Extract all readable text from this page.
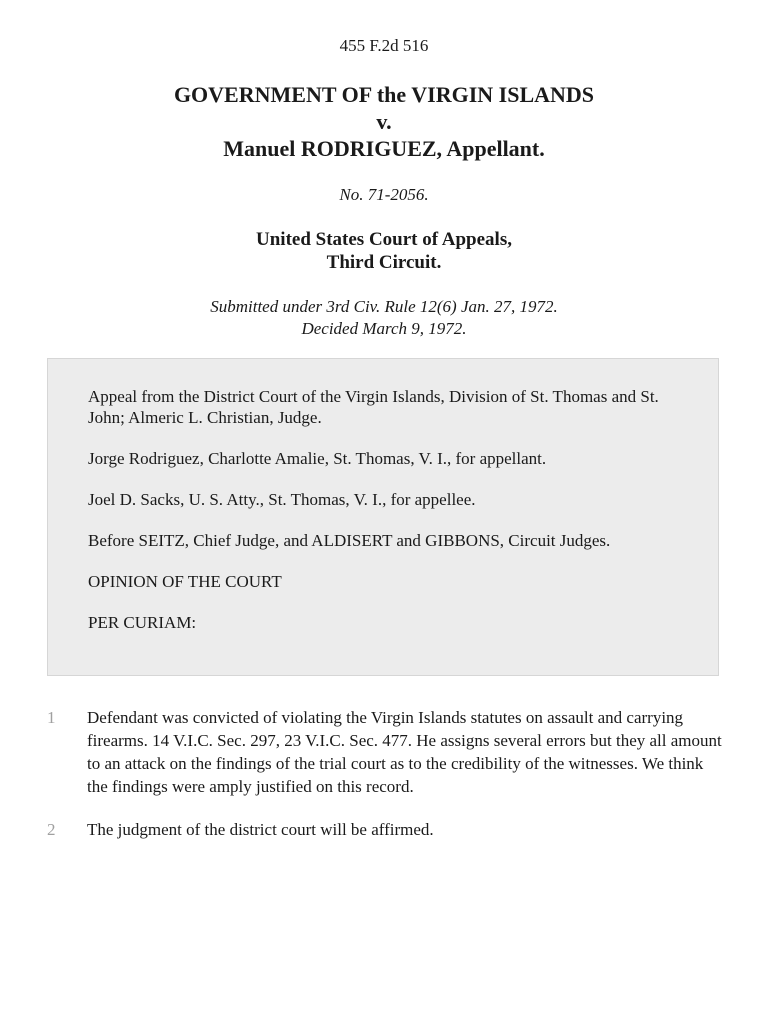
455 F.2d 516
GOVERNMENT OF the VIRGIN ISLANDS
v.
Manuel RODRIGUEZ, Appellant.
No. 71-2056.
United States Court of Appeals,
Third Circuit.
Submitted under 3rd Civ. Rule 12(6) Jan. 27, 1972.
Decided March 9, 1972.

Appeal from the District Court of the Virgin Islands, Division of St. Thomas and St. John; Almeric L. Christian, Judge.

Jorge Rodriguez, Charlotte Amalie, St. Thomas, V. I., for appellant.

Joel D. Sacks, U. S. Atty., St. Thomas, V. I., for appellee.

Before SEITZ, Chief Judge, and ALDISERT and GIBBONS, Circuit Judges.

OPINION OF THE COURT

PER CURIAM:

1 Defendant was convicted of violating the Virgin Islands statutes on assault and carrying firearms. 14 V.I.C. Sec. 297, 23 V.I.C. Sec. 477. He assigns several errors but they all amount to an attack on the findings of the trial court as to the credibility of the witnesses. We think the findings were amply justified on this record.
2 The judgment of the district court will be affirmed.
